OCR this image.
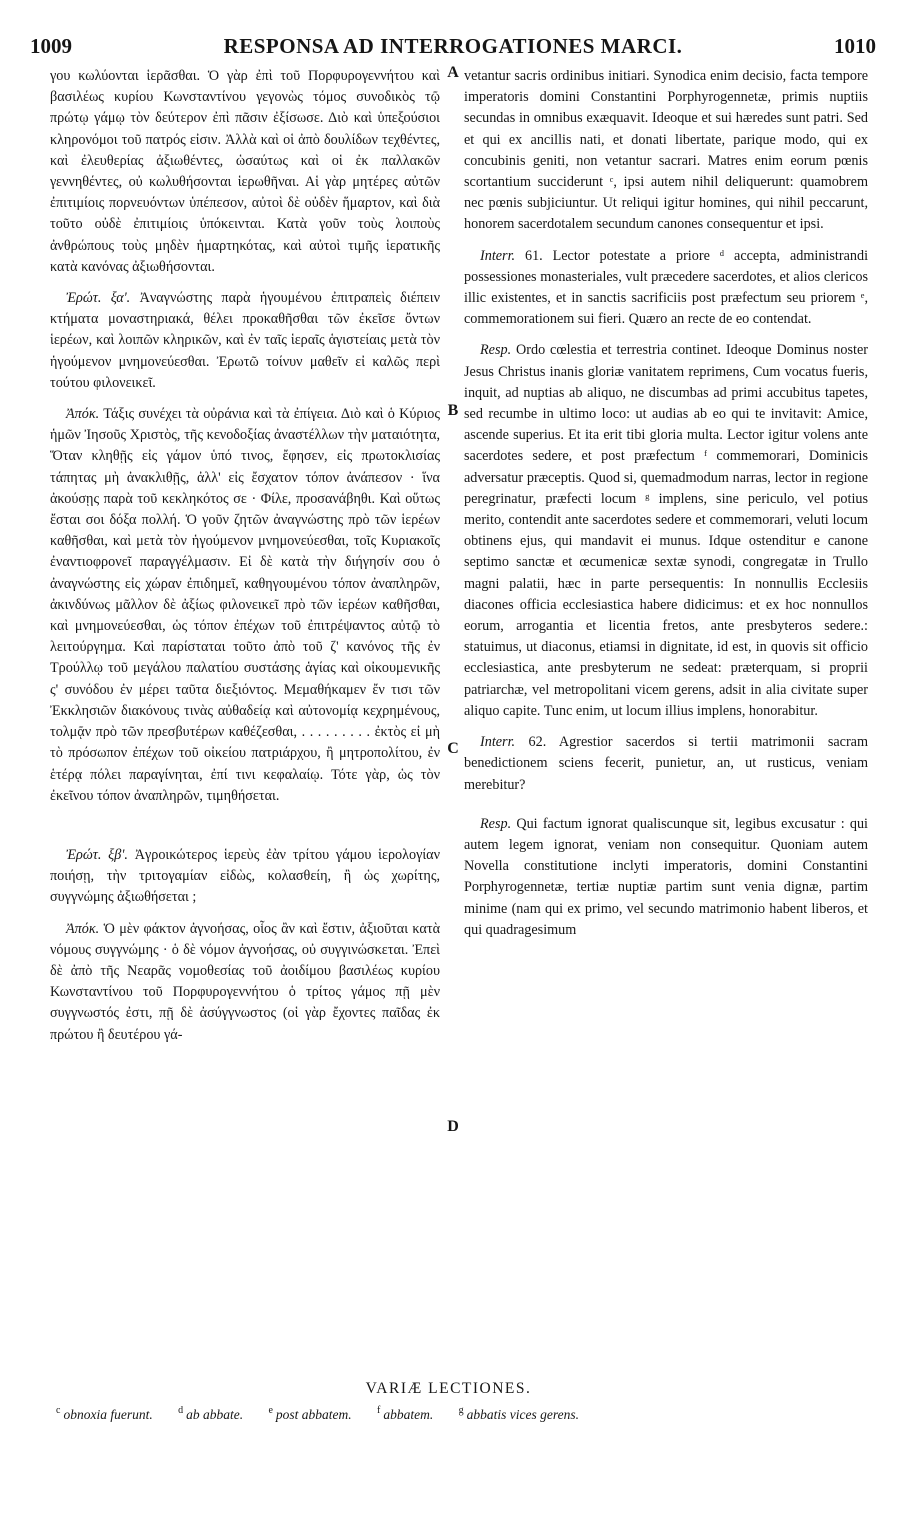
1009	RESPONSA AD INTERROGATIONES MARCI.	1010

γου κωλύονται ἱερᾶσθαι. Ὁ γὰρ ἐπὶ τοῦ Πορφυρογεννήτου καὶ βασιλέως κυρίου Κωνσταντίνου γεγονὼς τόμος συνοδικὸς τῷ πρώτῳ γάμῳ τὸν δεύτερον ἐπὶ πᾶσιν ἐξίσωσε. Διὸ καὶ ὑπεξούσιοι κληρονόμοι τοῦ πατρός εἰσιν. Ἀλλὰ καὶ οἱ ἀπὸ δουλίδων τεχθέντες, καὶ ἐλευθερίας ἀξιωθέντες, ὡσαύτως καὶ οἱ ἐκ παλλακῶν γεννηθέντες, οὐ κωλυθήσονται ἱερωθῆναι. Αἱ γὰρ μητέρες αὐτῶν ἐπιτιμίοις πορνευόντων ὑπέπεσον, αὐτοὶ δὲ οὐδὲν ἥμαρτον, καὶ διὰ τοῦτο οὐδὲ ἐπιτιμίοις ὑπόκεινται. Κατὰ γοῦν τοὺς λοιποὺς ἀνθρώπους τοὺς μηδὲν ἡμαρτηκότας, καὶ αὐτοὶ τιμῆς ἱερατικῆς κατὰ κανόνας ἀξιωθήσονται.

Ἐρώτ. ξα'. Ἀναγνώστης παρὰ ἡγουμένου ἐπιτραπεὶς διέπειν κτήματα μοναστηριακά, θέλει προκαθῆσθαι τῶν ἐκεῖσε ὄντων ἱερέων, καὶ λοιπῶν κληρικῶν, καὶ ἐν ταῖς ἱεραῖς ἁγιστείαις μετὰ τὸν ἡγούμενον μνημονεύεσθαι. Ἐρωτῶ τοίνυν μαθεῖν εἰ καλῶς περὶ τούτου φιλονεικεῖ.

Ἀπόκ. Τάξις συνέχει τὰ οὐράνια καὶ τὰ ἐπίγεια. Διὸ καὶ ὁ Κύριος ἡμῶν Ἰησοῦς Χριστὸς, τῆς κενοδοξίας ἀναστέλλων τὴν ματαιότητα, Ὅταν κληθῇς εἰς γάμον ὑπό τινος, ἔφησεν, εἰς πρωτοκλισίας τάπητας μὴ ἀνακλιθῇς, ἀλλ' εἰς ἔσχατον τόπον ἀνάπεσον · ἵνα ἀκούσῃς παρὰ τοῦ κεκληκότος σε · Φίλε, προσανάβηθι. Καὶ οὕτως ἔσται σοι δόξα πολλή. Ὁ γοῦν ζητῶν ἀναγνώστης πρὸ τῶν ἱερέων καθῆσθαι, καὶ μετὰ τὸν ἡγούμενον μνημονεύεσθαι, τοῖς Κυριακοῖς ἐναντιοφρονεῖ παραγγέλμασιν. Εἰ δὲ κατὰ τὴν διήγησίν σου ὁ ἀναγνώστης εἰς χώραν ἐπιδημεῖ, καθηγουμένου τόπον ἀναπληρῶν, ἀκινδύνως μᾶλλον δὲ ἀξίως φιλονεικεῖ πρὸ τῶν ἱερέων καθῆσθαι, καὶ μνημονεύεσθαι, ὡς τόπον ἐπέχων τοῦ ἐπιτρέψαντος αὐτῷ τὸ λειτούργημα. Καὶ παρίσταται τοῦτο ἀπὸ τοῦ ζ' κανόνος τῆς ἐν Τρούλλῳ τοῦ μεγάλου παλατίου συστάσης ἁγίας καὶ οἰκουμενικῆς ς' συνόδου ἐν μέρει ταῦτα διεξιόντος. Μεμαθήκαμεν ἔν τισι τῶν Ἐκκλησιῶν διακόνους τινὰς αὐθαδείᾳ καὶ αὐτονομίᾳ κεχρημένους, τολμᾷν πρὸ τῶν πρεσβυτέρων καθέζεσθαι, . . . . . . . . . ἐκτὸς εἰ μὴ τὸ πρόσωπον ἐπέχων τοῦ οἰκείου πατριάρχου, ἢ μητροπολίτου, ἐν ἑτέρᾳ πόλει παραγίνηται, ἐπί τινι κεφαλαίῳ. Τότε γὰρ, ὡς τὸν ἐκεῖνου τόπον ἀναπληρῶν, τιμηθήσεται.

Ἐρώτ. ξβ'. Ἀγροικώτερος ἱερεὺς ἐὰν τρίτου γάμου ἱερολογίαν ποιήσῃ, τὴν τριτογαμίαν εἰδὼς, κολασθείη, ἢ ὡς χωρίτης, συγγνώμης ἀξιωθήσεται ;

Ἀπόκ. Ὁ μὲν φάκτον ἀγνοήσας, οἷος ἂν καὶ ἔστιν, ἀξιοῦται κατὰ νόμους συγγνώμης · ὁ δὲ νόμον ἀγνοήσας, οὐ συγγινώσκεται. Ἐπεὶ δὲ ἀπὸ τῆς Νεαρᾶς νομοθεσίας τοῦ ἀοιδίμου βασιλέως κυρίου Κωνσταντίνου τοῦ Πορφυρογεννήτου ὁ τρίτος γάμος πῇ μὲν συγγνωστός ἐστι, πῇ δὲ ἀσύγγνωστος (οἱ γὰρ ἔχοντες παῖδας ἐκ πρώτου ἢ δευτέρου γά-

A
B
C
D

vetantur sacris ordinibus initiari. Synodica enim decisio, facta tempore imperatoris domini Constantini Porphyrogennetæ, primis nuptiis secundas in omnibus exæquavit. Ideoque et sui hæredes sunt patri. Sed et qui ex ancillis nati, et donati libertate, parique modo, qui ex concubinis geniti, non vetantur sacrari. Matres enim eorum pœnis scortantium succiderunt ᶜ, ipsi autem nihil deliquerunt: quamobrem nec pœnis subjiciuntur. Ut reliqui igitur homines, qui nihil peccarunt, honorem sacerdotalem secundum canones consequentur et ipsi.

Interr. 61. Lector potestate a priore ᵈ accepta, administrandi possessiones monasteriales, vult præcedere sacerdotes, et alios clericos illic existentes, et in sanctis sacrificiis post præfectum seu priorem ᵉ, commemorationem sui fieri. Quæro an recte de eo contendat.

Resp. Ordo cœlestia et terrestria continet. Ideoque Dominus noster Jesus Christus inanis gloriæ vanitatem reprimens, Cum vocatus fueris, inquit, ad nuptias ab aliquo, ne discumbas ad primi accubitus tapetes, sed recumbe in ultimo loco: ut audias ab eo qui te invitavit: Amice, ascende superius. Et ita erit tibi gloria multa. Lector igitur volens ante sacerdotes sedere, et post præfectum ᶠ commemorari, Dominicis adversatur præceptis. Quod si, quemadmodum narras, lector in regione peregrinatur, præfecti locum ᵍ implens, sine periculo, vel potius merito, contendit ante sacerdotes sedere et commemorari, veluti locum obtinens ejus, qui mandavit ei munus. Idque ostenditur e canone septimo sanctæ et œcumenicæ sextæ synodi, congregatæ in Trullo magni palatii, hæc in parte persequentis: In nonnullis Ecclesiis diacones officia ecclesiastica habere didicimus: et ex hoc nonnullos eorum, arrogantia et licentia fretos, ante presbyteros sedere.: statuimus, ut diaconus, etiamsi in dignitate, id est, in quovis sit officio ecclesiastica, ante presbyterum ne sedeat: præterquam, si proprii patriarchæ, vel metropolitani vicem gerens, adsit in alia civitate super aliquo capite. Tunc enim, ut locum illius implens, honorabitur.

Interr. 62. Agrestior sacerdos si tertii matrimonii sacram benedictionem sciens fecerit, punietur, an, ut rusticus, veniam merebitur?

Resp. Qui factum ignorat qualiscunque sit, legibus excusatur : qui autem legem ignorat, veniam non consequitur. Quoniam autem Novella constitutione inclyti imperatoris, domini Constantini Porphyrogennetæ, tertiæ nuptiæ partim sunt venia dignæ, partim minime (nam qui ex primo, vel secundo matrimonio habent liberos, et qui quadragesimum

VARIÆ LECTIONES.
$^c$ obnoxia fuerunt.	$^d$ ab abbate.	$^e$ post abbatem.	$^f$ abbatem.	$^g$ abbatis vices gerens.
